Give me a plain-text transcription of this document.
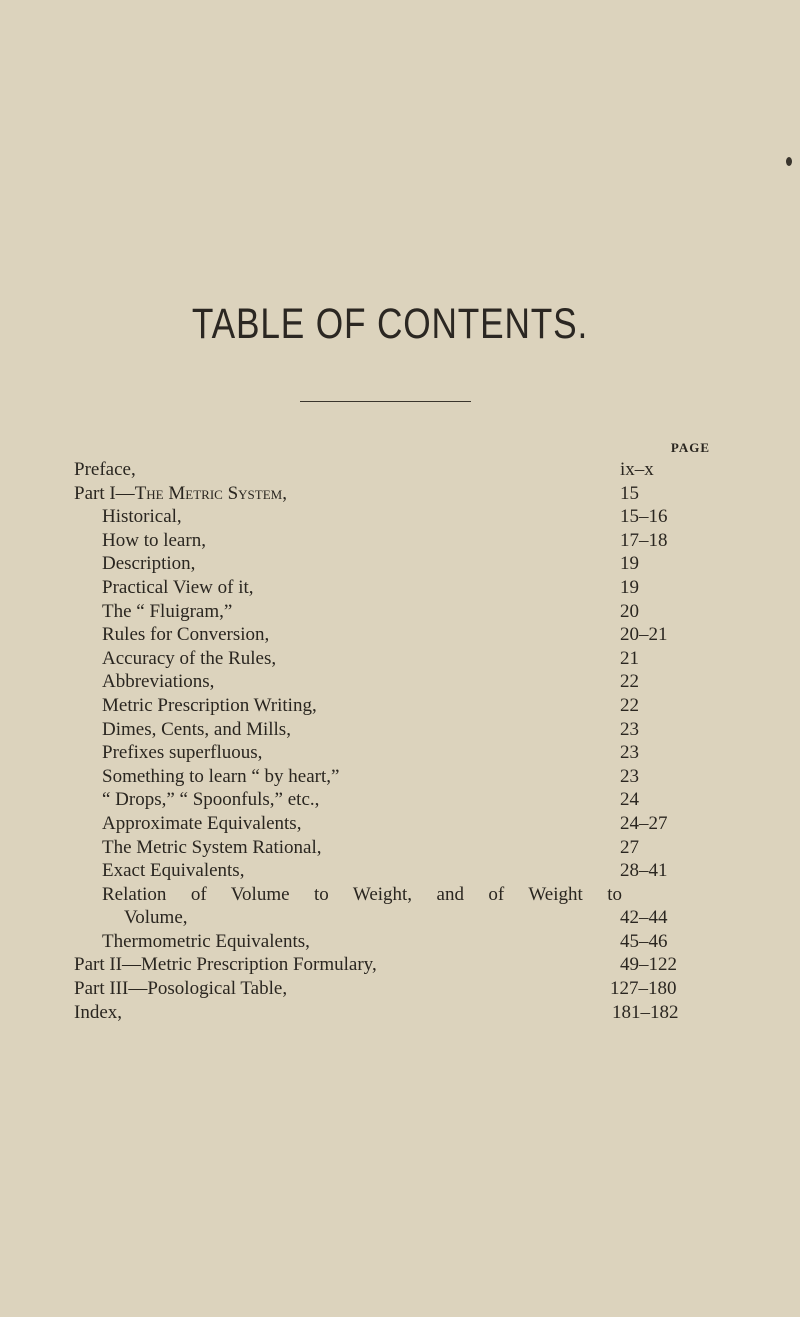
TABLE OF CONTENTS.
PAGE
Preface,	ix–x
Part I—The Metric System,	15
Historical,	15–16
How to learn,	17–18
Description,	19
Practical View of it,	19
The “ Fluigram,”	20
Rules for Conversion,	20–21
Accuracy of the Rules,	21
Abbreviations,	22
Metric Prescription Writing,	22
Dimes, Cents, and Mills,	23
Prefixes superfluous,	23
Something to learn “ by heart,”	23
“ Drops,” “ Spoonfuls,” etc.,	24
Approximate Equivalents,	24–27
The Metric System Rational,	27
Exact Equivalents,	28–41
Relation of Volume to Weight, and of Weight to
Volume,	42–44
Thermometric Equivalents,	45–46
Part II—Metric Prescription Formulary,	49–122
Part III—Posological Table,	127–180
Index,	181–182
